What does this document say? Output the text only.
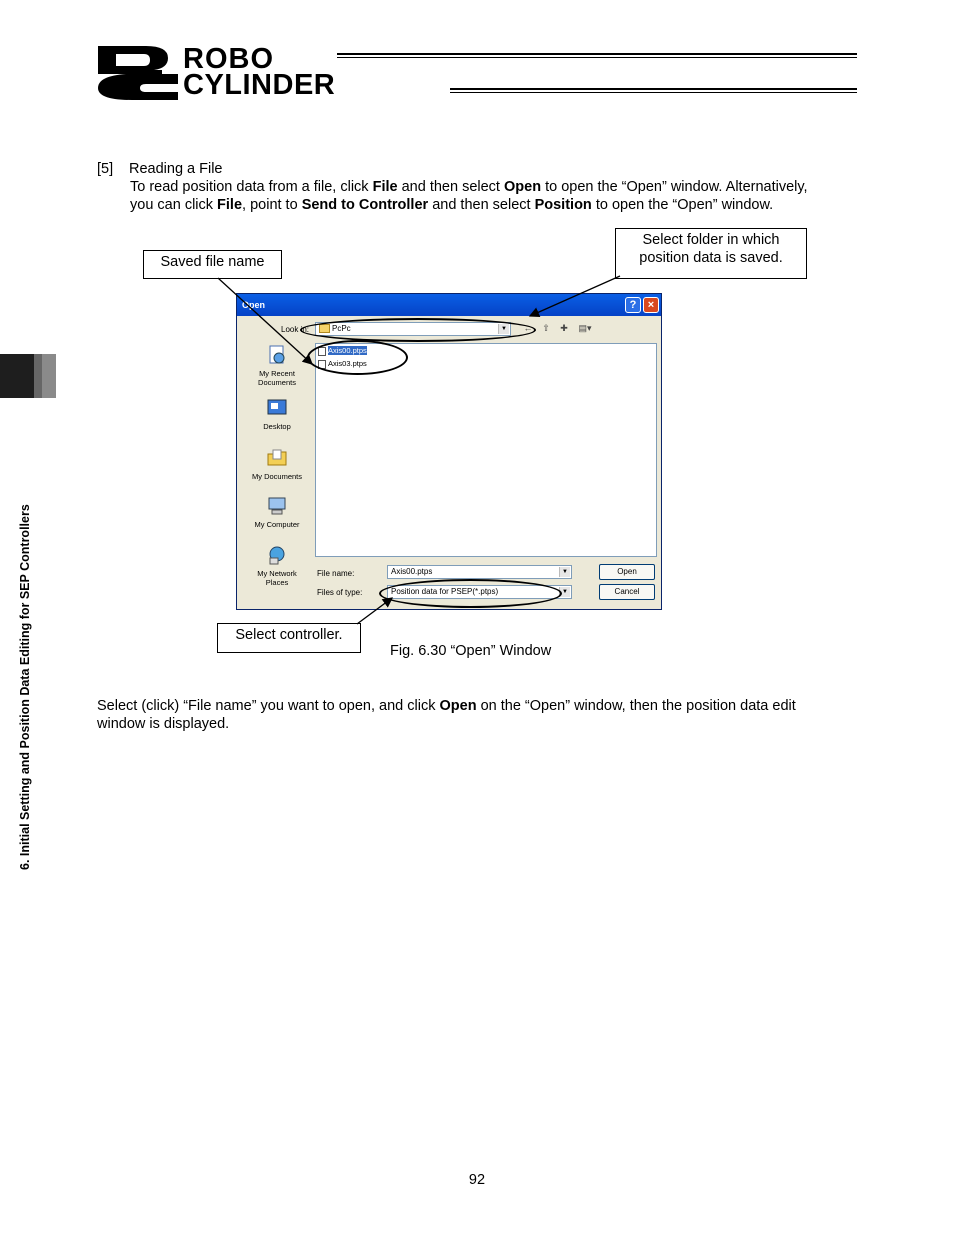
ROBO
CYLINDER
6. Initial Setting and Position Data Editing for SEP Controllers
[5] Reading a File
To read position data from a file, click File and then select Open to open the “Open” window. Alternatively,
you can click File, point to Send to Controller and then select Position to open the “Open” window.
Saved file name
Select folder in which
position data is saved.
Select controller.
Open	?	×
Look in:	PcPc	▼ ← ⇧ ✚ ▤▾
My Recent Documents
Desktop
My Documents
My Computer
My Network Places
Axis00.ptps
Axis03.ptps
File name:	Axis00.ptps	▼
Files of type:	Position data for PSEP(*.ptps)	▼
Open
Cancel
Fig. 6.30 “Open” Window
Select (click) “File name” you want to open, and click Open on the “Open” window, then the position data edit
window is displayed.
92
